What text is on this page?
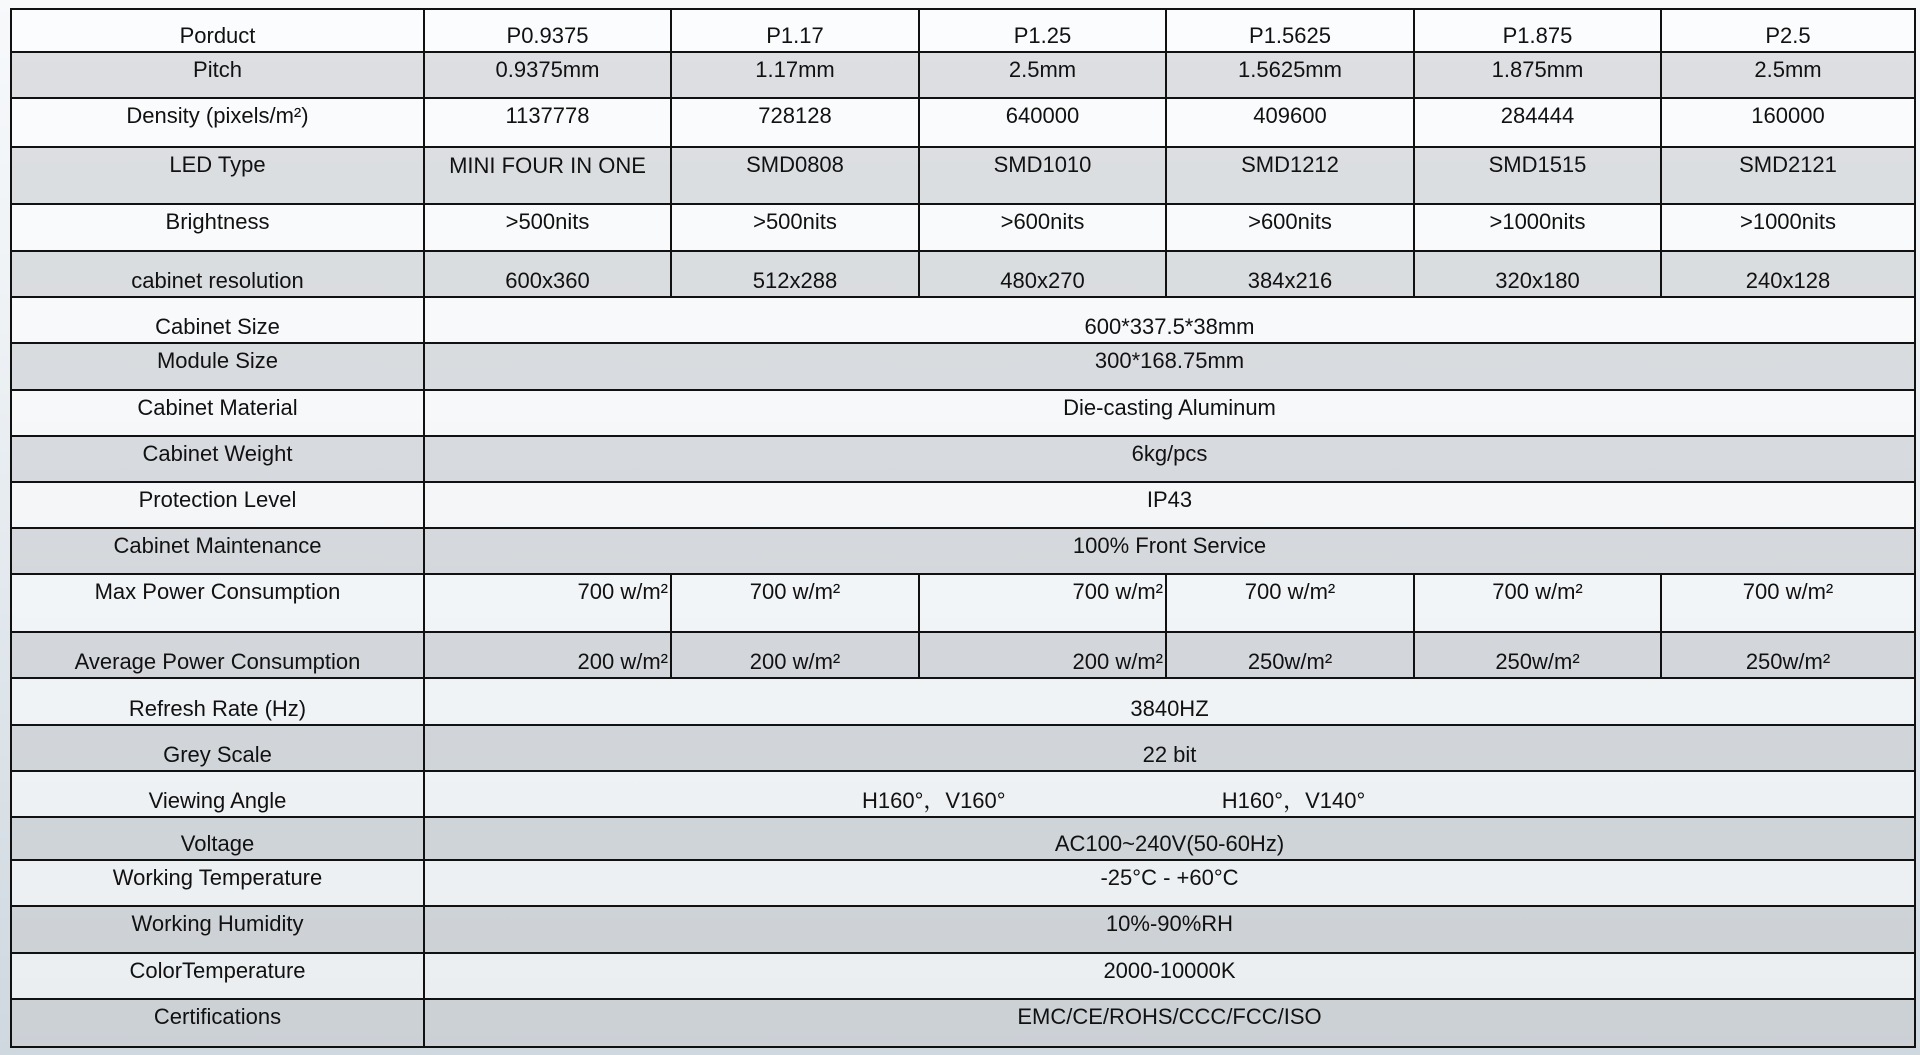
Porduct	P0.9375	P1.17	P1.25	P1.5625	P1.875	P2.5
Pitch	0.9375mm	1.17mm	2.5mm	1.5625mm	1.875mm	2.5mm
Density (pixels/m²)	1137778	728128	640000	409600	284444	160000
LED Type	MINI FOUR IN ONE	SMD0808	SMD1010	SMD1212	SMD1515	SMD2121
Brightness	>500nits	>500nits	>600nits	>600nits	>1000nits	>1000nits
cabinet resolution	600x360	512x288	480x270	384x216	320x180	240x128
Cabinet Size	600*337.5*38mm					
Module Size	300*168.75mm					
Cabinet Material	Die-casting Aluminum					
Cabinet Weight	6kg/pcs					
Protection Level	IP43					
Cabinet Maintenance	100% Front Service					
Max Power Consumption	700 w/m²	700 w/m²	700 w/m²	700 w/m²	700 w/m²	700 w/m²
Average Power Consumption	200 w/m²	200 w/m²	200 w/m²	250w/m²	250w/m²	250w/m²
Refresh Rate (Hz)	3840HZ					
Grey Scale	22 bit					
Viewing Angle	H160°，V160° H160°，V140°					
Voltage	AC100~240V(50-60Hz)					
Working Temperature	-25°C - +60°C					
Working Humidity	10%-90%RH					
ColorTemperature	2000-10000K					
Certifications	EMC/CE/ROHS/CCC/FCC/ISO					
